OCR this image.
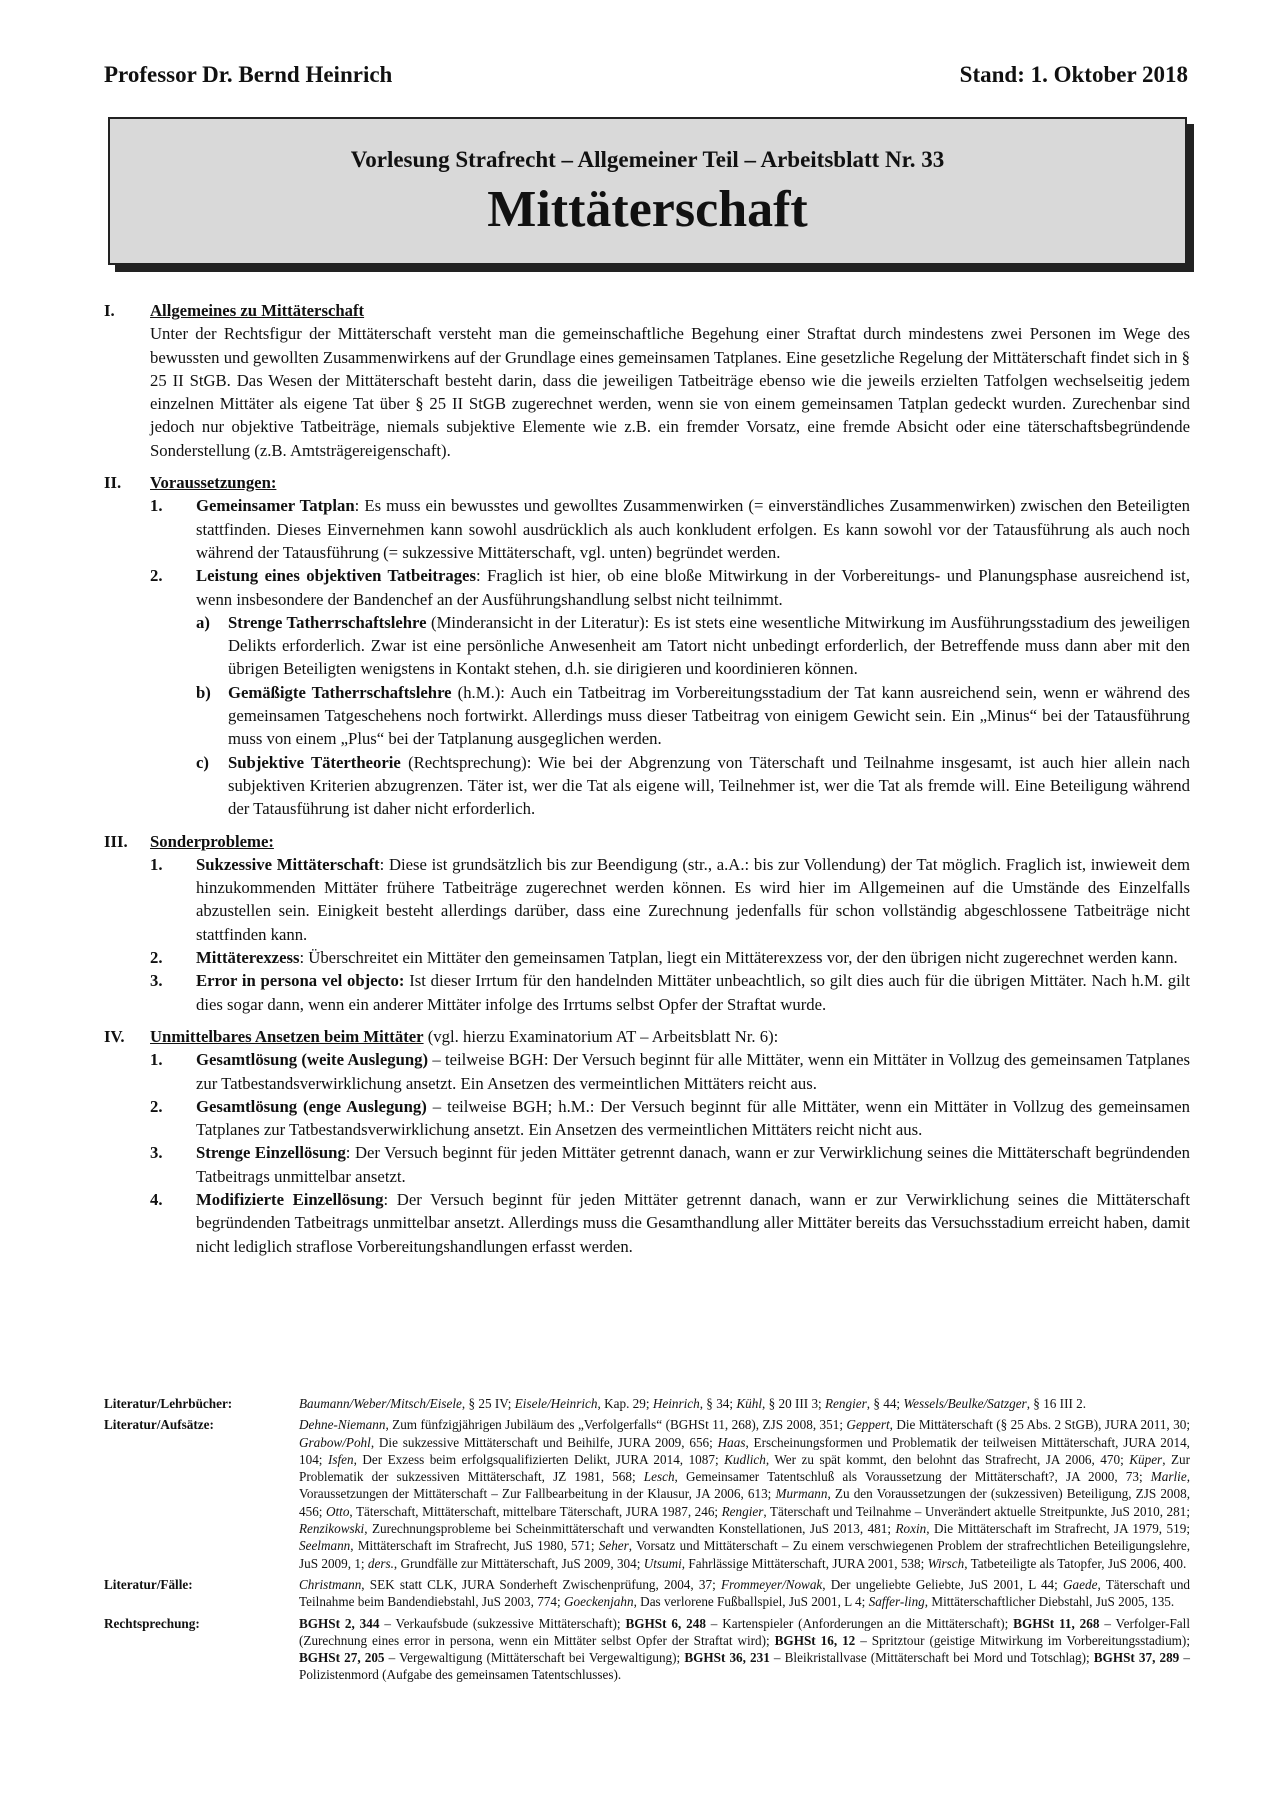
Professor Dr. Bernd Heinrich	Stand: 1. Oktober 2018
Vorlesung Strafrecht – Allgemeiner Teil – Arbeitsblatt Nr. 33
Mittäterschaft
I.	Allgemeines zu Mittäterschaft
Unter der Rechtsfigur der Mittäterschaft versteht man die gemeinschaftliche Begehung einer Straftat durch mindestens zwei Personen im Wege des bewussten und gewollten Zusammenwirkens auf der Grundlage eines gemeinsamen Tatplanes. Eine gesetzliche Regelung der Mittäterschaft findet sich in § 25 II StGB. Das Wesen der Mittäterschaft besteht darin, dass die jeweiligen Tatbeiträge ebenso wie die jeweils erzielten Tatfolgen wechselseitig jedem einzelnen Mittäter als eigene Tat über § 25 II StGB zugerechnet werden, wenn sie von einem gemeinsamen Tatplan gedeckt wurden. Zurechenbar sind jedoch nur objektive Tatbeiträge, niemals subjektive Elemente wie z.B. ein fremder Vorsatz, eine fremde Absicht oder eine täterschaftsbegründende Sonderstellung (z.B. Amtsträgereigenschaft).
II.	Voraussetzungen:
1.	Gemeinsamer Tatplan: Es muss ein bewusstes und gewolltes Zusammenwirken (= einverständliches Zusammenwirken) zwischen den Beteiligten stattfinden. Dieses Einvernehmen kann sowohl ausdrücklich als auch konkludent erfolgen. Es kann sowohl vor der Tatausführung als auch noch während der Tatausführung (= sukzessive Mittäterschaft, vgl. unten) begründet werden.
2.	Leistung eines objektiven Tatbeitrages: Fraglich ist hier, ob eine bloße Mitwirkung in der Vorbereitungs- und Planungsphase ausreichend ist, wenn insbesondere der Bandenchef an der Ausführungshandlung selbst nicht teilnimmt.
a)	Strenge Tatherrschaftslehre (Minderansicht in der Literatur): Es ist stets eine wesentliche Mitwirkung im Ausführungsstadium des jeweiligen Delikts erforderlich. Zwar ist eine persönliche Anwesenheit am Tatort nicht unbedingt erforderlich, der Betreffende muss dann aber mit den übrigen Beteiligten wenigstens in Kontakt stehen, d.h. sie dirigieren und koordinieren können.
b)	Gemäßigte Tatherrschaftslehre (h.M.): Auch ein Tatbeitrag im Vorbereitungsstadium der Tat kann ausreichend sein, wenn er während des gemeinsamen Tatgeschehens noch fortwirkt. Allerdings muss dieser Tatbeitrag von einigem Gewicht sein. Ein „Minus“ bei der Tatausführung muss von einem „Plus“ bei der Tatplanung ausgeglichen werden.
c)	Subjektive Tätertheorie (Rechtsprechung): Wie bei der Abgrenzung von Täterschaft und Teilnahme insgesamt, ist auch hier allein nach subjektiven Kriterien abzugrenzen. Täter ist, wer die Tat als eigene will, Teilnehmer ist, wer die Tat als fremde will. Eine Beteiligung während der Tatausführung ist daher nicht erforderlich.
III.	Sonderprobleme:
1.	Sukzessive Mittäterschaft: Diese ist grundsätzlich bis zur Beendigung (str., a.A.: bis zur Vollendung) der Tat möglich. Fraglich ist, inwieweit dem hinzukommenden Mittäter frühere Tatbeiträge zugerechnet werden können. Es wird hier im Allgemeinen auf die Umstände des Einzelfalls abzustellen sein. Einigkeit besteht allerdings darüber, dass eine Zurechnung jedenfalls für schon vollständig abgeschlossene Tatbeiträge nicht stattfinden kann.
2.	Mittäterexzess: Überschreitet ein Mittäter den gemeinsamen Tatplan, liegt ein Mittäterexzess vor, der den übrigen nicht zugerechnet werden kann.
3.	Error in persona vel objecto: Ist dieser Irrtum für den handelnden Mittäter unbeachtlich, so gilt dies auch für die übrigen Mittäter. Nach h.M. gilt dies sogar dann, wenn ein anderer Mittäter infolge des Irrtums selbst Opfer der Straftat wurde.
IV.	Unmittelbares Ansetzen beim Mittäter (vgl. hierzu Examinatorium AT – Arbeitsblatt Nr. 6):
1.	Gesamtlösung (weite Auslegung) – teilweise BGH: Der Versuch beginnt für alle Mittäter, wenn ein Mittäter in Vollzug des gemeinsamen Tatplanes zur Tatbestandsverwirklichung ansetzt. Ein Ansetzen des vermeintlichen Mittäters reicht aus.
2.	Gesamtlösung (enge Auslegung) – teilweise BGH; h.M.: Der Versuch beginnt für alle Mittäter, wenn ein Mittäter in Vollzug des gemeinsamen Tatplanes zur Tatbestandsverwirklichung ansetzt. Ein Ansetzen des vermeintlichen Mittäters reicht nicht aus.
3.	Strenge Einzellösung: Der Versuch beginnt für jeden Mittäter getrennt danach, wann er zur Verwirklichung seines die Mittäterschaft begründenden Tatbeitrags unmittelbar ansetzt.
4.	Modifizierte Einzellösung: Der Versuch beginnt für jeden Mittäter getrennt danach, wann er zur Verwirklichung seines die Mittäterschaft begründenden Tatbeitrags unmittelbar ansetzt. Allerdings muss die Gesamthandlung aller Mittäter bereits das Versuchsstadium erreicht haben, damit nicht lediglich straflose Vorbereitungshandlungen erfasst werden.
Literatur/Lehrbücher:	Baumann/Weber/Mitsch/Eisele, § 25 IV; Eisele/Heinrich, Kap. 29; Heinrich, § 34; Kühl, § 20 III 3; Rengier, § 44; Wessels/Beulke/Satzger, § 16 III 2.
Literatur/Aufsätze:	Dehne-Niemann, Zum fünfzigjährigen Jubiläum des „Verfolgerfalls“ (BGHSt 11, 268), ZJS 2008, 351; Geppert, Die Mittäterschaft (§ 25 Abs. 2 StGB), JURA 2011, 30; Grabow/Pohl, Die sukzessive Mittäterschaft und Beihilfe, JURA 2009, 656; Haas, Erscheinungsformen und Problematik der teilweisen Mittäterschaft, JURA 2014, 104; Isfen, Der Exzess beim erfolgsqualifizierten Delikt, JURA 2014, 1087; Kudlich, Wer zu spät kommt, den belohnt das Strafrecht, JA 2006, 470; Küper, Zur Problematik der sukzessiven Mittäterschaft, JZ 1981, 568; Lesch, Gemeinsamer Tatentschluß als Voraussetzung der Mittäterschaft?, JA 2000, 73; Marlie, Voraussetzungen der Mittäterschaft – Zur Fallbearbeitung in der Klausur, JA 2006, 613; Murmann, Zu den Voraussetzungen der (sukzessiven) Beteiligung, ZJS 2008, 456; Otto, Täterschaft, Mittäterschaft, mittelbare Täterschaft, JURA 1987, 246; Rengier, Täterschaft und Teilnahme – Unverändert aktuelle Streitpunkte, JuS 2010, 281; Renzikowski, Zurechnungsprobleme bei Scheinmittäterschaft und verwandten Konstellationen, JuS 2013, 481; Roxin, Die Mittäterschaft im Strafrecht, JA 1979, 519; Seelmann, Mittäterschaft im Strafrecht, JuS 1980, 571; Seher, Vorsatz und Mittäterschaft – Zu einem verschwiegenen Problem der strafrechtlichen Beteiligungslehre, JuS 2009, 1; ders., Grundfälle zur Mittäterschaft, JuS 2009, 304; Utsumi, Fahrlässige Mittäterschaft, JURA 2001, 538; Wirsch, Tatbeteiligte als Tatopfer, JuS 2006, 400.
Literatur/Fälle:	Christmann, SEK statt CLK, JURA Sonderheft Zwischenprüfung, 2004, 37; Frommeyer/Nowak, Der ungeliebte Geliebte, JuS 2001, L 44; Gaede, Täterschaft und Teilnahme beim Bandendiebstahl, JuS 2003, 774; Goeckenjahn, Das verlorene Fußballspiel, JuS 2001, L 4; Saffer-ling, Mittäterschaftlicher Diebstahl, JuS 2005, 135.
Rechtsprechung:	BGHSt 2, 344 – Verkaufsbude (sukzessive Mittäterschaft); BGHSt 6, 248 – Kartenspieler (Anforderungen an die Mittäterschaft); BGHSt 11, 268 – Verfolger-Fall (Zurechnung eines error in persona, wenn ein Mittäter selbst Opfer der Straftat wird); BGHSt 16, 12 – Spritztour (geistige Mitwirkung im Vorbereitungsstadium); BGHSt 27, 205 – Vergewaltigung (Mittäterschaft bei Vergewaltigung); BGHSt 36, 231 – Bleikristallvase (Mittäterschaft bei Mord und Totschlag); BGHSt 37, 289 – Polizistenmord (Aufgabe des gemeinsamen Tatentschlusses).
